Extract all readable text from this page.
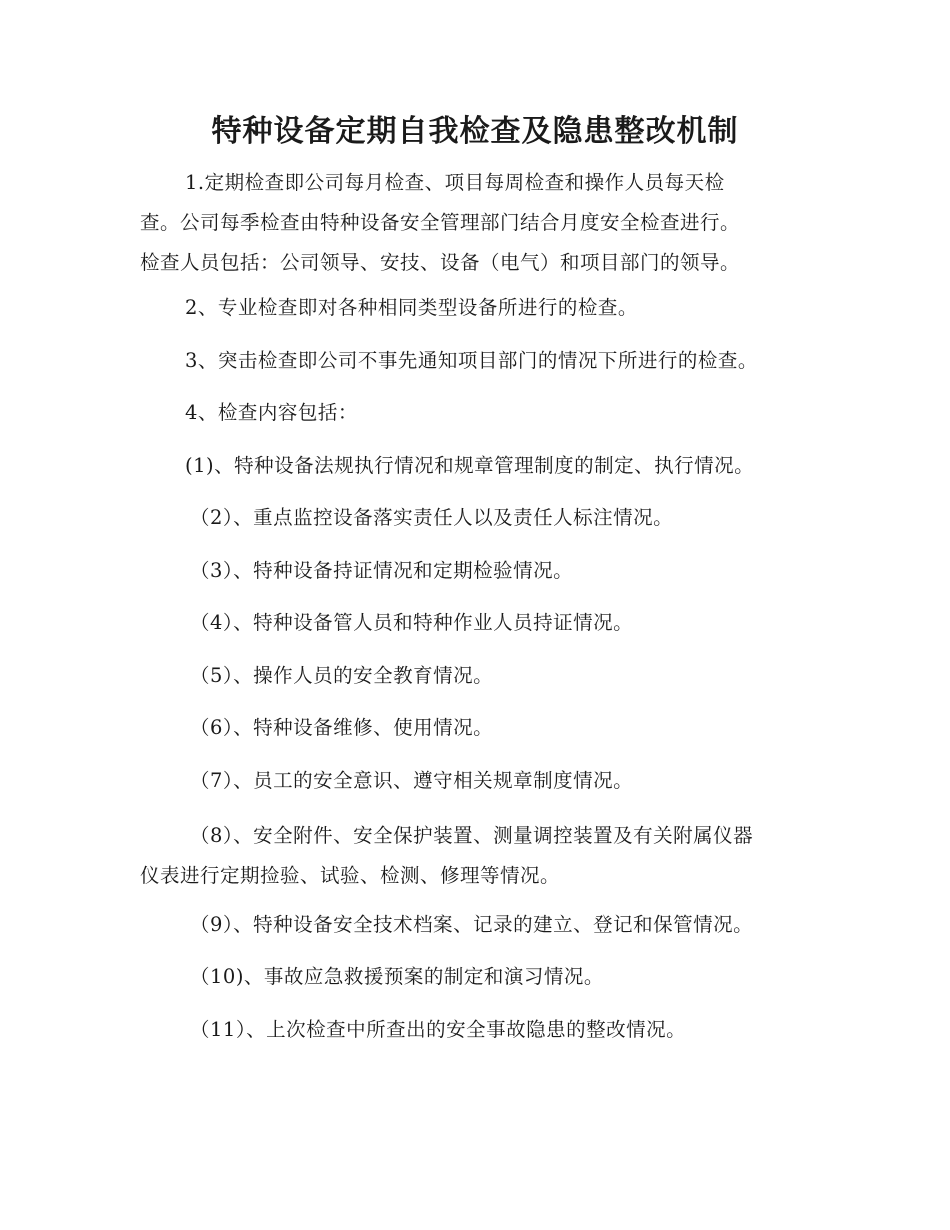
特种设备定期自我检查及隐患整改机制
1.定期检查即公司每月检查、项目每周检查和操作人员每天检
查。公司每季检查由特种设备安全管理部门结合月度安全检查进行。
检查人员包括：公司领导、安技、设备（电气）和项目部门的领导。
2、专业检查即对各种相同类型设备所进行的检查。
3、突击检查即公司不事先通知项目部门的情况下所进行的检查。
4、检查内容包括：
(1)、特种设备法规执行情况和规章管理制度的制定、执行情况。
（2）、重点监控设备落实责任人以及责任人标注情况。
（3）、特种设备持证情况和定期检验情况。
（4）、特种设备管人员和特种作业人员持证情况。
（5）、操作人员的安全教育情况。
（6）、特种设备维修、使用情况。
（7）、员工的安全意识、遵守相关规章制度情况。
（8）、安全附件、安全保护装置、测量调控装置及有关附属仪器
仪表进行定期捡验、试验、检测、修理等情况。
（9）、特种设备安全技术档案、记录的建立、登记和保管情况。
（10)、事故应急救援预案的制定和演习情况。
（11）、上次检查中所查出的安全事故隐患的整改情况。
